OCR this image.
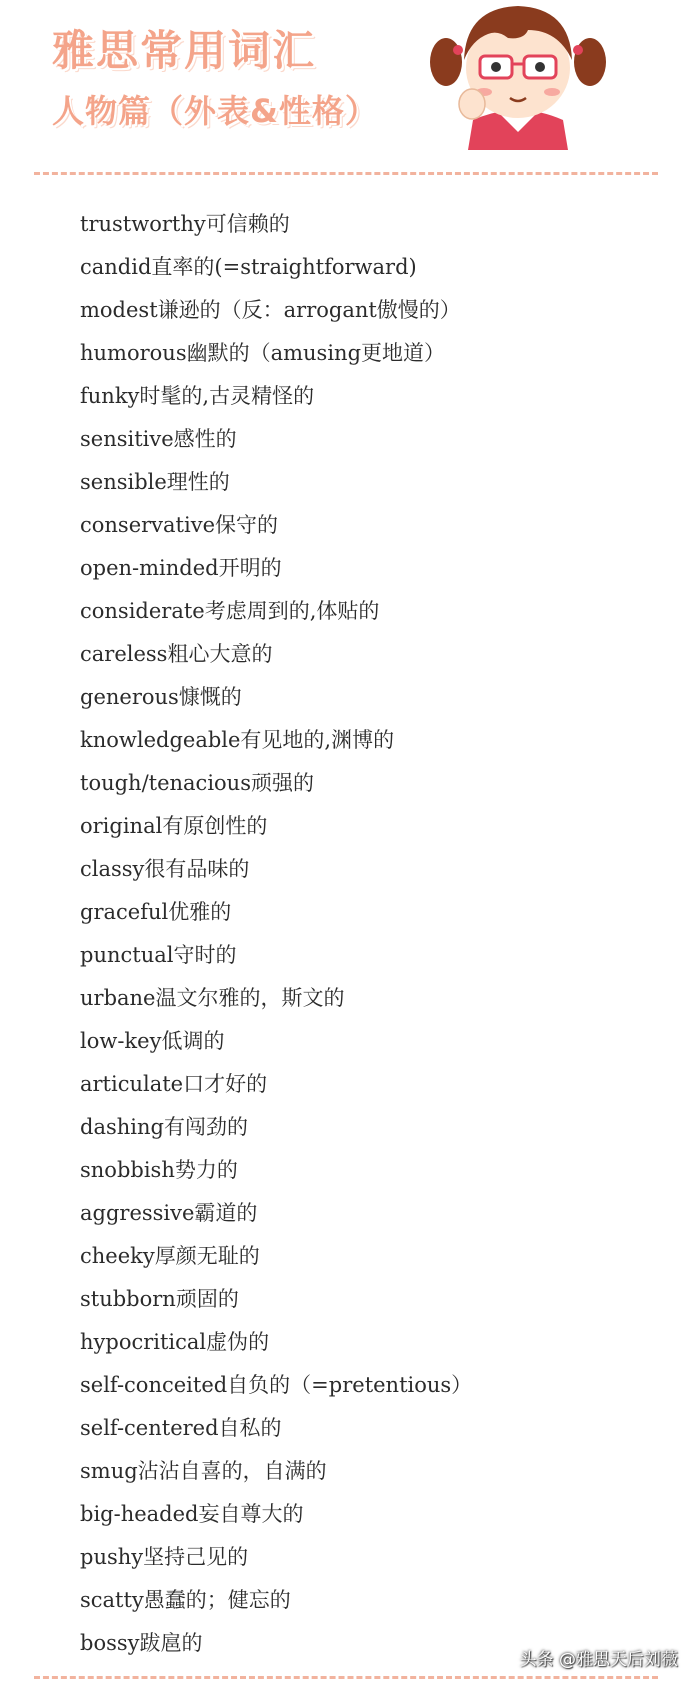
雅思常用词汇
人物篇（外表&性格）
trustworthy可信赖的
candid直率的(=straightforward)
modest谦逊的（反：arrogant傲慢的）
humorous幽默的（amusing更地道）
funky时髦的,古灵精怪的
sensitive感性的
sensible理性的
conservative保守的
open-minded开明的
considerate考虑周到的,体贴的
careless粗心大意的
generous慷慨的
knowledgeable有见地的,渊博的
tough/tenacious顽强的
original有原创性的
classy很有品味的
graceful优雅的
punctual守时的
urbane温文尔雅的，斯文的
low-key低调的
articulate口才好的
dashing有闯劲的
snobbish势力的
aggressive霸道的
cheeky厚颜无耻的
stubborn顽固的
hypocritical虚伪的
self-conceited自负的（=pretentious）
self-centered自私的
smug沾沾自喜的，自满的
big-headed妄自尊大的
pushy坚持己见的
scatty愚蠢的；健忘的
bossy跋扈的
头条 @雅思天后刘薇
